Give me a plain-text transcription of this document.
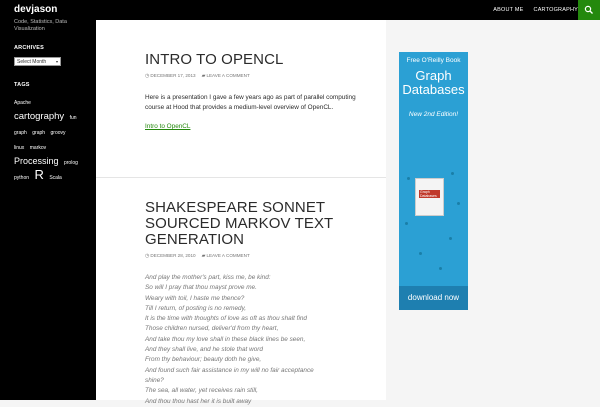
devjason	ABOUT ME CARTOGRAPHY
Code, Statistics, Data Visualization
ARCHIVES
Select Month ▾
TAGS
Apache cartography fun graph graph groovy linux markov Processing prolog python R Scala
INTRO TO OPENCL
◷DECEMBER 17, 2013 ▰LEAVE A COMMENT
Here is a presentation I gave a few years ago as part of parallel computing course at Hood that provides a medium-level overview of OpenCL.
Intro to OpenCL
SHAKESPEARE SONNET SOURCED MARKOV TEXT GENERATION
◷DECEMBER 28, 2010 ▰LEAVE A COMMENT
And play the mother's part, kiss me, be kind:
So will I pray that thou mayst prove me.
Weary with toil, I haste me thence?
Till I return, of posting is no remedy,
It is the time with thoughts of love as oft as thou shalt find
Those children nursed, deliver'd from thy heart,
And take thou my love shall in these black lines be seen,
And they shall live, and he stole that word
From thy behaviour; beauty doth he give,
And found such fair assistance in my will no fair acceptance
shine?
The sea, all water, yet receives rain still,
And thou thou hast her it is built away
Free O'Reilly Book
Graph Databases
New 2nd Edition!
Graph Databases
download now
